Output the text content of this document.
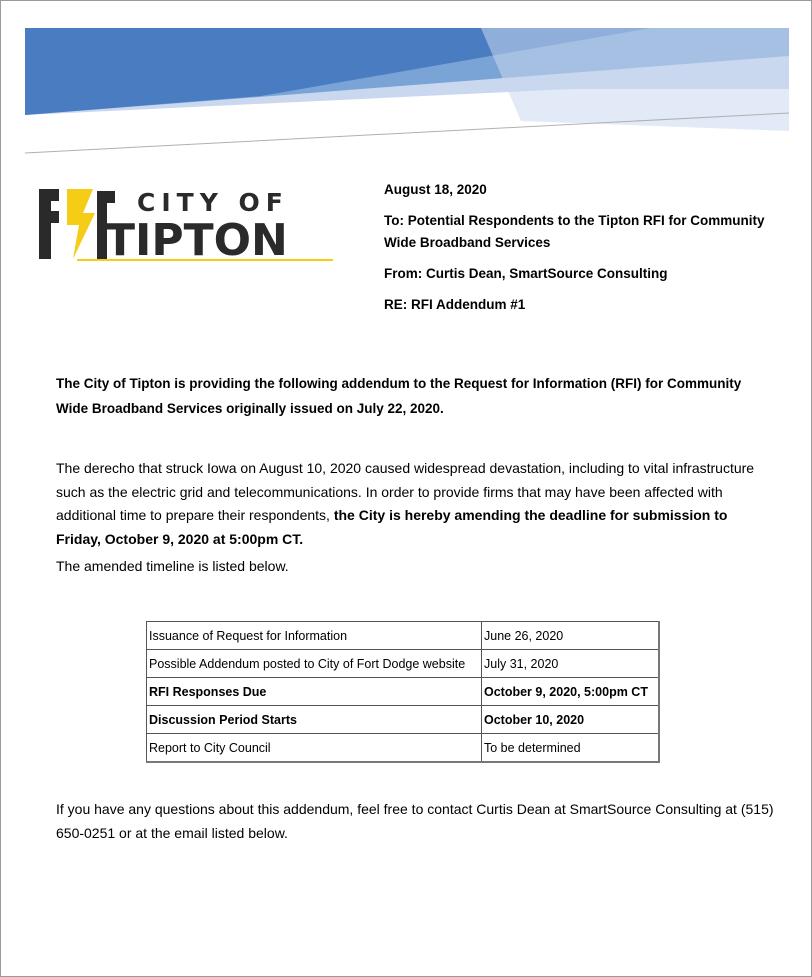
CITY OF
TIPTON
August 18, 2020
To: Potential Respondents to the Tipton RFI for Community Wide Broadband Services
From: Curtis Dean, SmartSource Consulting
RE: RFI Addendum #1
The City of Tipton is providing the following addendum to the Request for Information (RFI) for Community Wide Broadband Services originally issued on July 22, 2020.
The derecho that struck Iowa on August 10, 2020 caused widespread devastation, including to vital infrastructure such as the electric grid and telecommunications. In order to provide firms that may have been affected with additional time to prepare their respondents, the City is hereby amending the deadline for submission to Friday, October 9, 2020 at 5:00pm CT.
The amended timeline is listed below.
Issuance of Request for Information	June 26, 2020
Possible Addendum posted to City of Fort Dodge website	July 31, 2020
RFI Responses Due	October 9, 2020, 5:00pm CT
Discussion Period Starts	October 10, 2020
Report to City Council	To be determined
If you have any questions about this addendum, feel free to contact Curtis Dean at SmartSource Consulting at (515) 650-0251 or at the email listed below.
